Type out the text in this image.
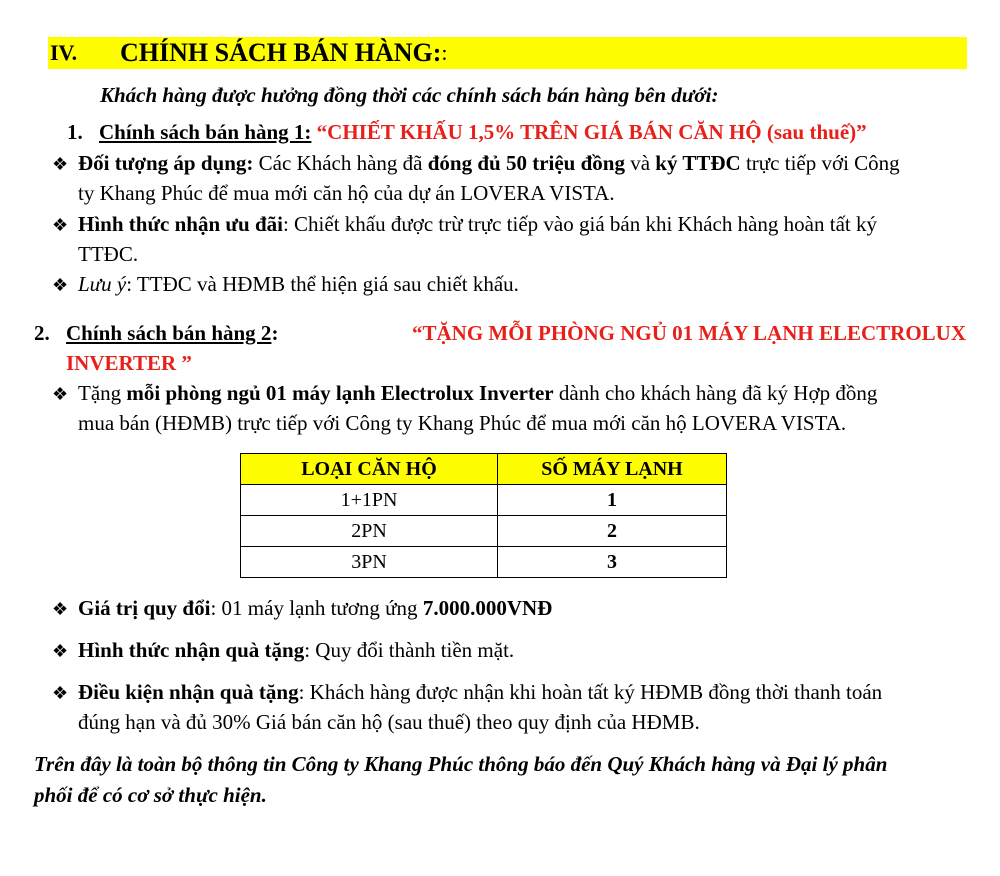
IV.	CHÍNH SÁCH BÁN HÀNG: :
Khách hàng được hưởng đồng thời các chính sách bán hàng bên dưới:
1. Chính sách bán hàng 1: “CHIẾT KHẤU 1,5% TRÊN GIÁ BÁN CĂN HỘ (sau thuế)”
❖ Đối tượng áp dụng: Các Khách hàng đã đóng đủ 50 triệu đồng và ký TTĐC trực tiếp với Công
ty Khang Phúc để mua mới căn hộ của dự án LOVERA VISTA.
❖ Hình thức nhận ưu đãi: Chiết khấu được trừ trực tiếp vào giá bán khi Khách hàng hoàn tất ký
TTĐC.
❖ Lưu ý: TTĐC và HĐMB thể hiện giá sau chiết khấu.
2. Chính sách bán hàng 2 :	“TẶNG MỖI PHÒNG NGỦ 01 MÁY LẠNH ELECTROLUX
INVERTER ”
❖ Tặng mỗi phòng ngủ 01 máy lạnh Electrolux Inverter dành cho khách hàng đã ký Hợp đồng
mua bán (HĐMB) trực tiếp với Công ty Khang Phúc để mua mới căn hộ LOVERA VISTA.
LOẠI CĂN HỘ	SỐ MÁY LẠNH
1+1PN	1
2PN	2
3PN	3
❖ Giá trị quy đổi: 01 máy lạnh tương ứng 7.000.000VNĐ
❖ Hình thức nhận quà tặng: Quy đổi thành tiền mặt.
❖ Điều kiện nhận quà tặng: Khách hàng được nhận khi hoàn tất ký HĐMB đồng thời thanh toán
đúng hạn và đủ 30% Giá bán căn hộ (sau thuế) theo quy định của HĐMB.
Trên đây là toàn bộ thông tin Công ty Khang Phúc thông báo đến Quý Khách hàng và Đại lý phân
phối để có cơ sở thực hiện.
